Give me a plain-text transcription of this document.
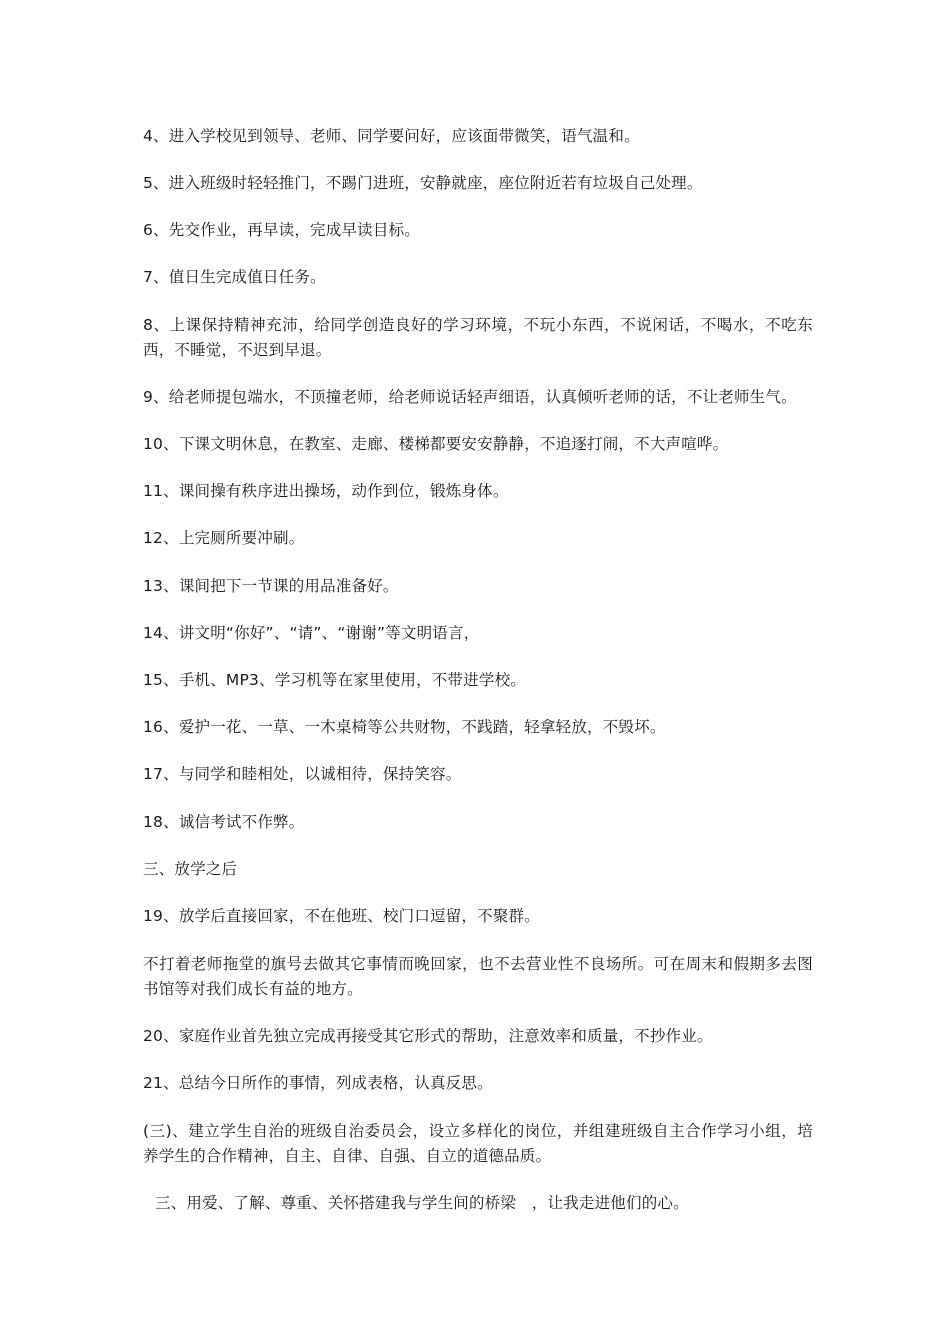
4、进入学校见到领导、老师、同学要问好，应该面带微笑，语气温和。

5、进入班级时轻轻推门，不踢门进班，安静就座，座位附近若有垃圾自己处理。

6、先交作业，再早读，完成早读目标。

7、值日生完成值日任务。

8、上课保持精神充沛，给同学创造良好的学习环境，不玩小东西，不说闲话，不喝水，不吃东西，不睡觉，不迟到早退。

9、给老师提包端水，不顶撞老师，给老师说话轻声细语，认真倾听老师的话，不让老师生气。

10、下课文明休息，在教室、走廊、楼梯都要安安静静，不追逐打闹，不大声喧哗。

11、课间操有秩序进出操场，动作到位，锻炼身体。

12、上完厕所要冲刷。

13、课间把下一节课的用品准备好。

14、讲文明“你好”、“请”、“谢谢”等文明语言，

15、手机、MP3、学习机等在家里使用，不带进学校。

16、爱护一花、一草、一木桌椅等公共财物，不践踏，轻拿轻放，不毁坏。

17、与同学和睦相处，以诚相待，保持笑容。

18、诚信考试不作弊。

三、放学之后

19、放学后直接回家，不在他班、校门口逗留，不聚群。

不打着老师拖堂的旗号去做其它事情而晚回家，也不去营业性不良场所。可在周末和假期多去图书馆等对我们成长有益的地方。

20、家庭作业首先独立完成再接受其它形式的帮助，注意效率和质量，不抄作业。

21、总结今日所作的事情，列成表格，认真反思。

(三)、建立学生自治的班级自治委员会，设立多样化的岗位，并组建班级自主合作学习小组，培养学生的合作精神，自主、自律、自强、自立的道德品质。

三、用爱、了解、尊重、关怀搭建我与学生间的桥梁　，让我走进他们的心。
